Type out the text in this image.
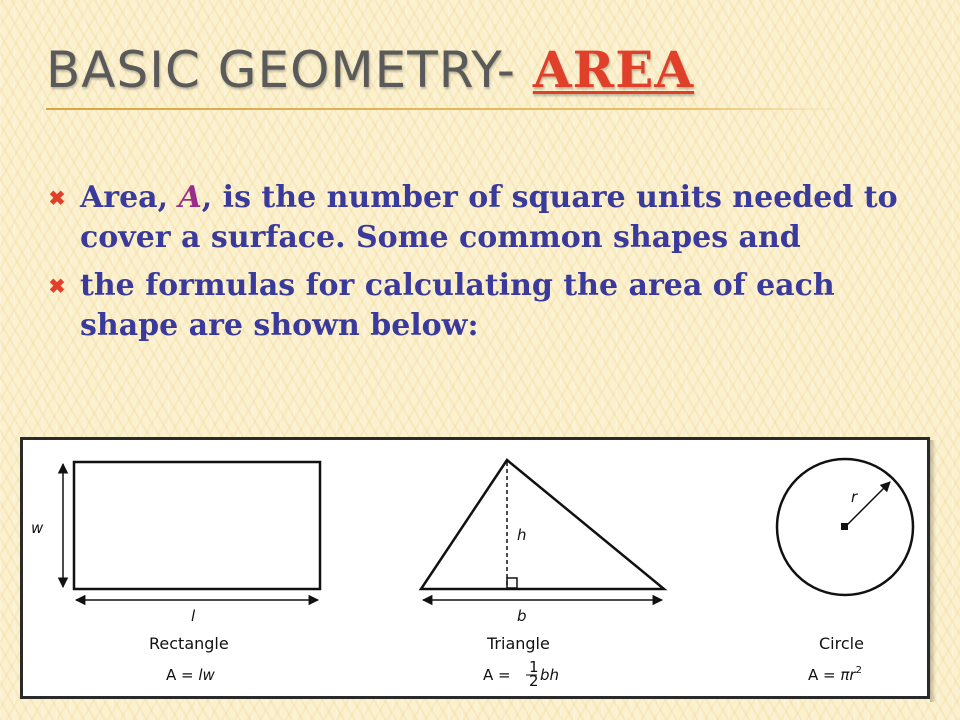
BASIC GEOMETRY- AREA
✖ Area, A, is the number of square units needed to cover a surface. Some common shapes and
✖ the formulas for calculating the area of each shape are shown below:
w
l
Rectangle
A = lw
h
b
Triangle
A = 1
2 bh
r
Circle
$A = \pi r^2$
